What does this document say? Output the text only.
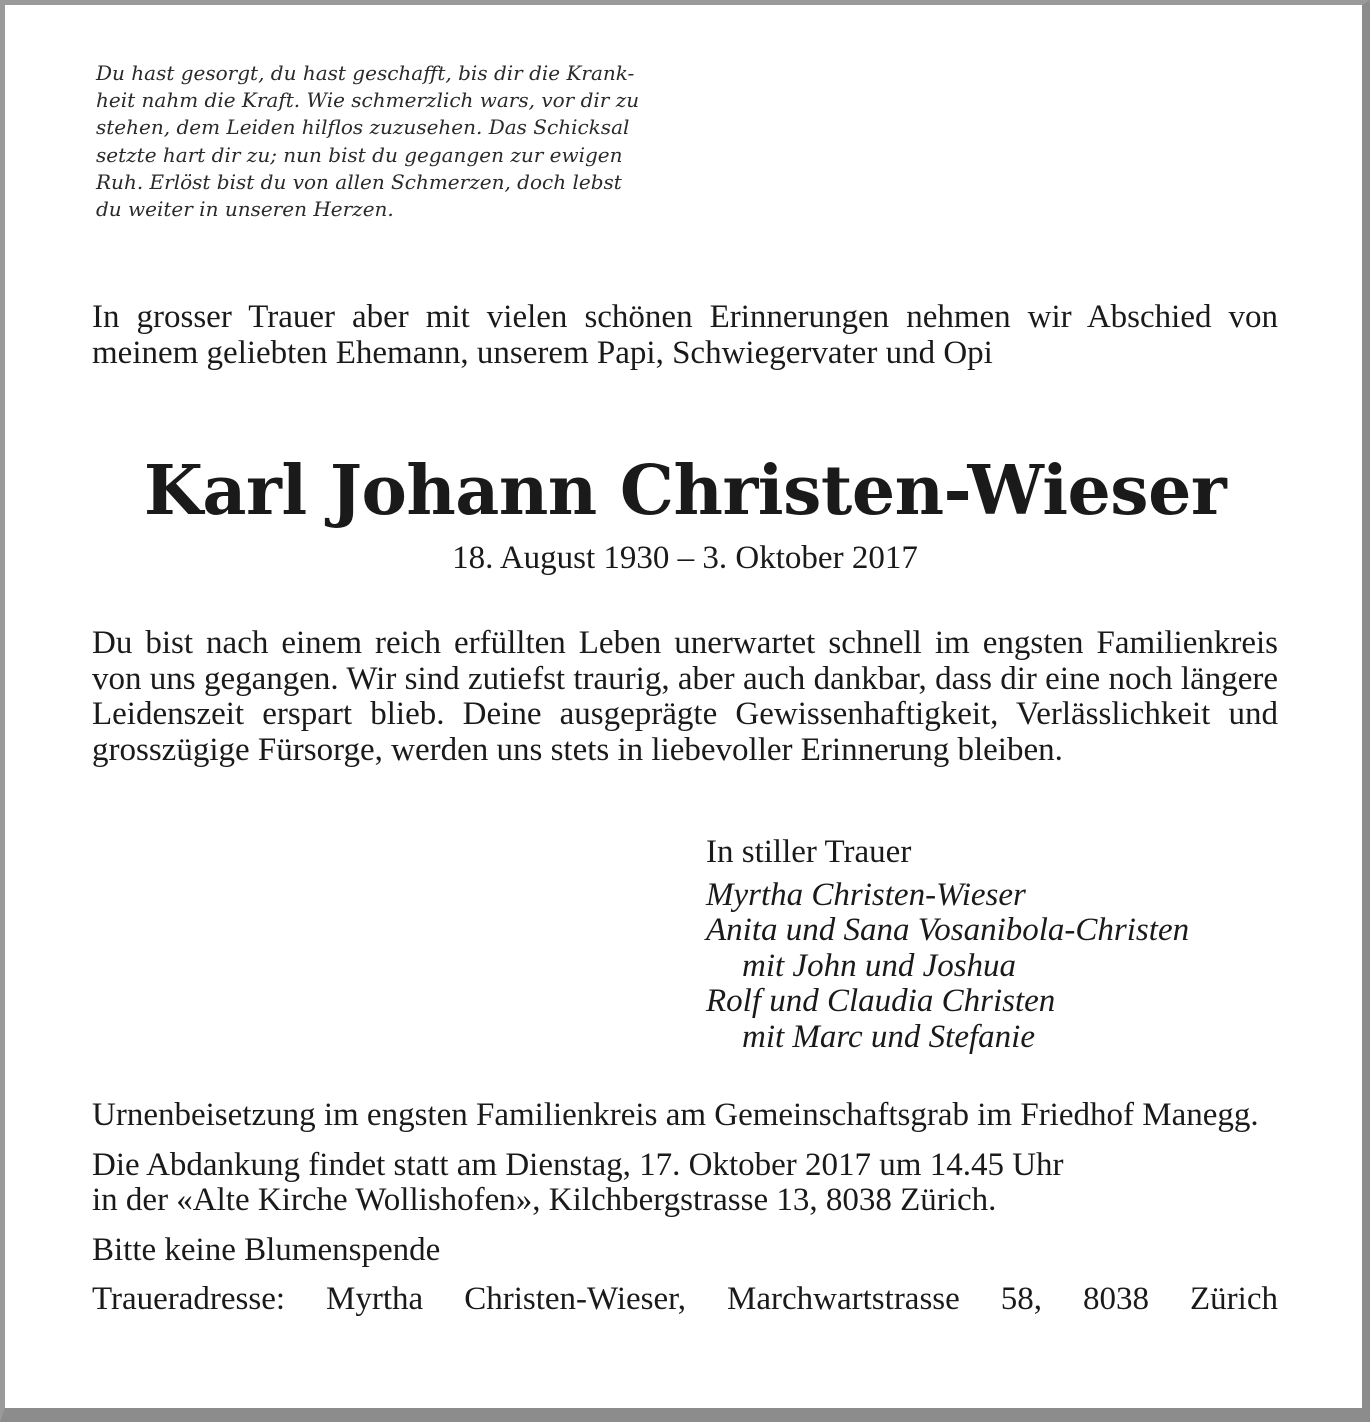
Du hast gesorgt, du hast geschafft, bis dir die Krank-
heit nahm die Kraft. Wie schmerzlich wars, vor dir zu
stehen, dem Leiden hilflos zuzusehen. Das Schicksal
setzte hart dir zu; nun bist du gegangen zur ewigen
Ruh. Erlöst bist du von allen Schmerzen, doch lebst
du weiter in unseren Herzen.
In grosser Trauer aber mit vielen schönen Erinnerungen nehmen wir Abschied von meinem geliebten Ehemann, unserem Papi, Schwiegervater und Opi
Karl Johann Christen-Wieser
18. August 1930 – 3. Oktober 2017
Du bist nach einem reich erfüllten Leben unerwartet schnell im engsten Familienkreis von uns gegangen. Wir sind zutiefst traurig, aber auch dankbar, dass dir eine noch längere Leidenszeit erspart blieb. Deine ausgeprägte Gewissenhaftigkeit, Verlässlichkeit und grosszügige Fürsorge, werden uns stets in liebevoller Erinnerung bleiben.
In stiller Trauer
Myrtha Christen-Wieser
Anita und Sana Vosanibola-Christen
mit John und Joshua
Rolf und Claudia Christen
mit Marc und Stefanie

Urnenbeisetzung im engsten Familienkreis am Gemeinschaftsgrab im Friedhof Manegg.

Die Abdankung findet statt am Dienstag, 17. Oktober 2017 um 14.45 Uhr
in der «Alte Kirche Wollishofen», Kilchbergstrasse 13, 8038 Zürich.

Bitte keine Blumenspende

Traueradresse: Myrtha Christen-Wieser, Marchwartstrasse 58, 8038 Zürich
